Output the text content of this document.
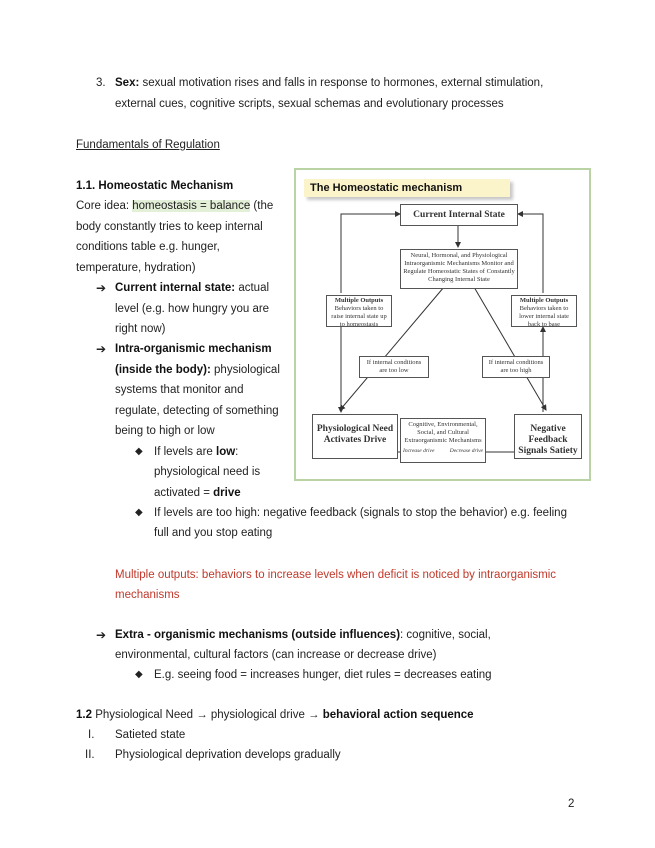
3. Sex: sexual motivation rises and falls in response to hormones, external stimulation,
external cues, cognitive scripts, sexual schemas and evolutionary processes
Fundamentals of Regulation
1.1. Homeostatic Mechanism
Core idea: homeostasis = balance (the
body constantly tries to keep internal
conditions table e.g. hunger,
temperature, hydration)
➔ Current internal state: actual
level (e.g. how hungry you are
right now)
➔ Intra-organismic mechanism
(inside the body): physiological
systems that monitor and
regulate, detecting of something
being to high or low
◆ If levels are low:
physiological need is
activated = drive
◆ If levels are too high: negative feedback (signals to stop the behavior) e.g. feeling
full and you stop eating
Multiple outputs: behaviors to increase levels when deficit is noticed by intraorganismic
mechanisms
➔ Extra - organismic mechanisms (outside influences): cognitive, social,
environmental, cultural factors (can increase or decrease drive)
◆ E.g. seeing food = increases hunger, diet rules = decreases eating
1.2 Physiological Need → physiological drive → behavioral action sequence
I. Satieted state
II. Physiological deprivation develops gradually
2
The Homeostatic mechanism
Current Internal State
Neural, Hormonal, and Physiological Intraorganismic Mechanisms Monitor and Regulate Homeostatic States of Constantly Changing Internal State
Multiple Outputs
Behaviors taken to raise internal state up to homeostasis
Multiple Outputs
Behaviors taken to lower internal state back to base
If internal conditions are too low
If internal conditions are too high
Physiological Need Activates Drive
Cognitive, Environmental, Social, and Cultural Extraorganismic Mechanisms
Increase drive	Decrease drive
Negative Feedback Signals Satiety
